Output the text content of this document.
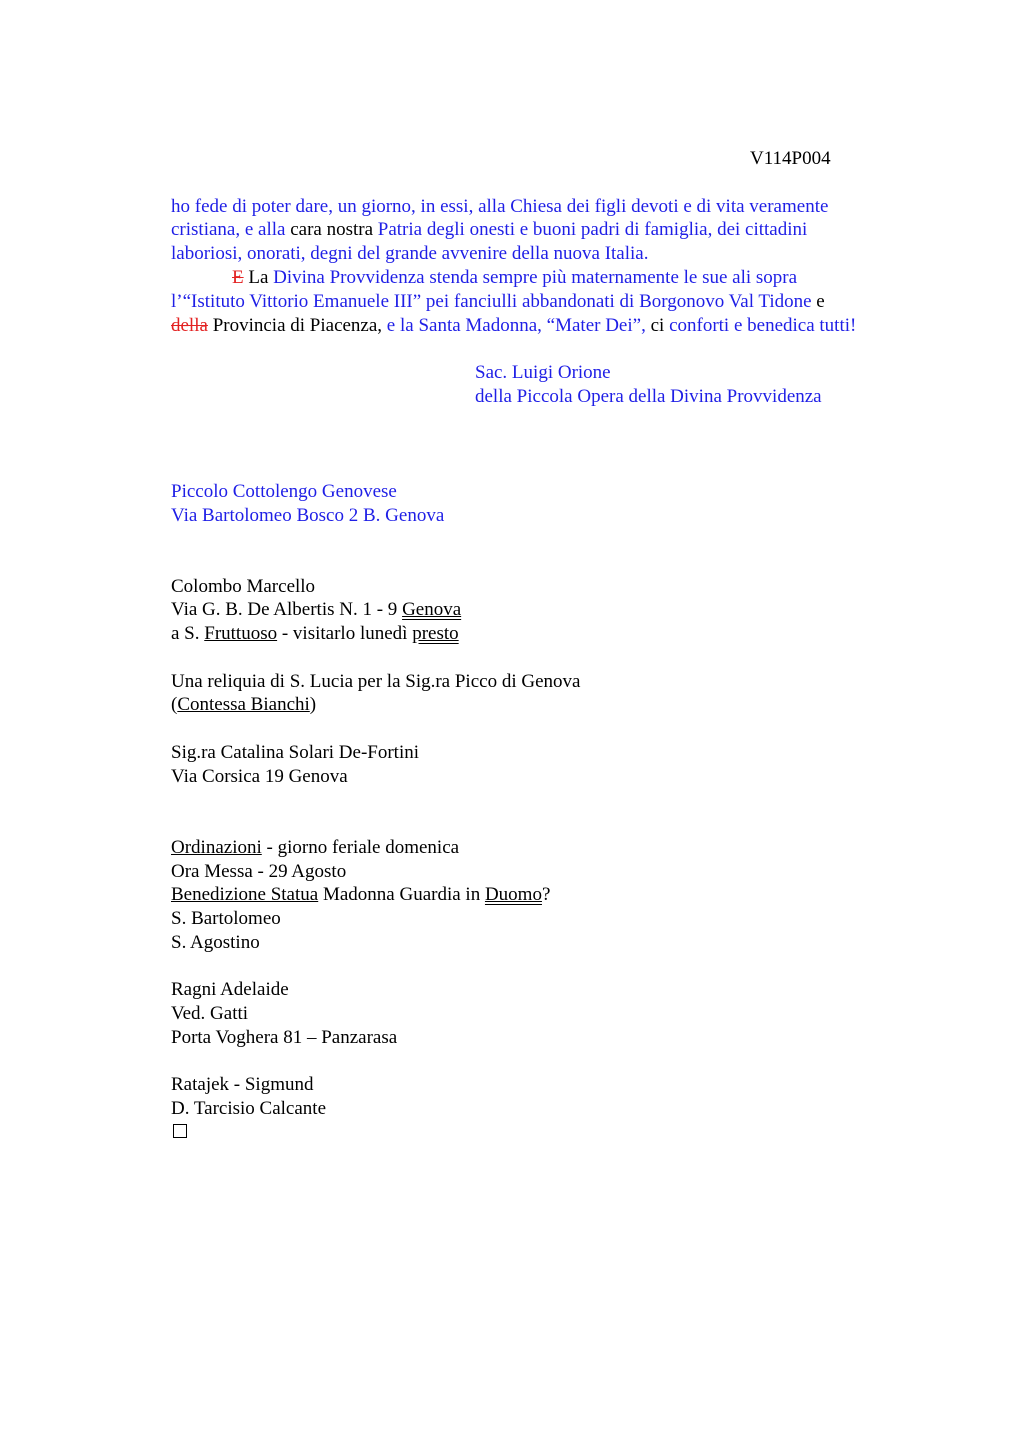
V114P004
ho fede di poter dare, un giorno, in essi, alla Chiesa dei figli devoti e di vita veramente
cristiana, e alla cara nostra Patria degli onesti e buoni padri di famiglia, dei cittadini
laboriosi, onorati, degni del grande avvenire della nuova Italia.
E La Divina Provvidenza stenda sempre più maternamente le sue ali sopra
l’“Istituto Vittorio Emanuele III” pei fanciulli abbandonati di Borgonovo Val Tidone e
della Provincia di Piacenza, e la Santa Madonna, “Mater Dei”, ci conforti e benedica tutti!
Sac. Luigi Orione
della Piccola Opera della Divina Provvidenza
Piccolo Cottolengo Genovese
Via Bartolomeo Bosco 2 B. Genova
Colombo Marcello
Via G. B. De Albertis N. 1 - 9 Genova
a S. Fruttuoso - visitarlo lunedì presto
Una reliquia di S. Lucia per la Sig.ra Picco di Genova
(Contessa Bianchi)
Sig.ra Catalina Solari De-Fortini
Via Corsica 19 Genova
Ordinazioni - giorno feriale domenica
Ora Messa - 29 Agosto
Benedizione Statua Madonna Guardia in Duomo?
S. Bartolomeo
S. Agostino
Ragni Adelaide
Ved. Gatti
Porta Voghera 81 – Panzarasa
Ratajek - Sigmund
D. Tarcisio Calcante
